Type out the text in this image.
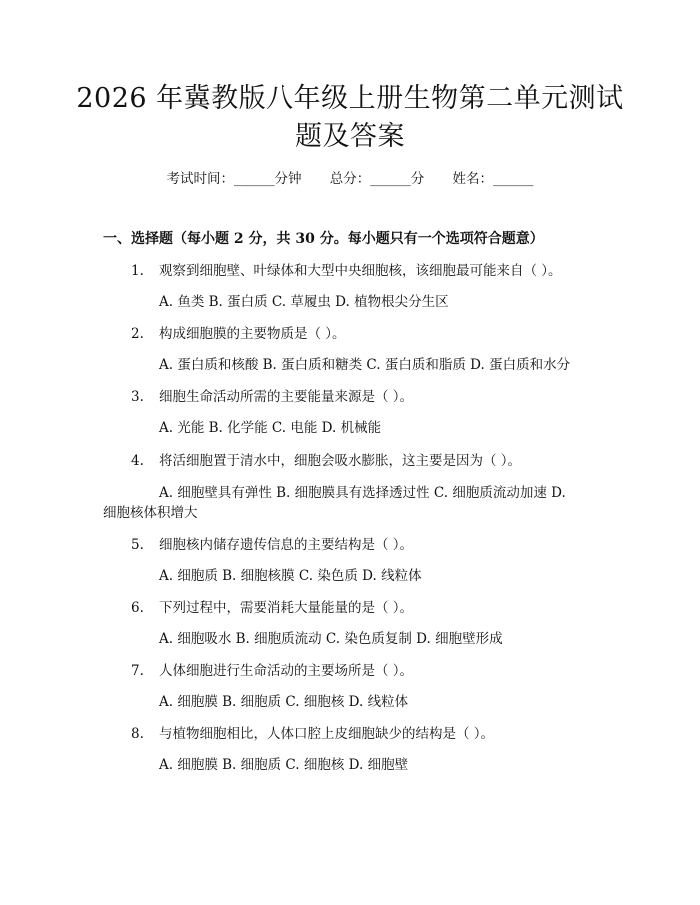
2026 年冀教版八年级上册生物第二单元测试
题及答案
考试时间：______分钟 总分：______分 姓名：______
一、选择题（每小题 2 分，共 30 分。每小题只有一个选项符合题意）
1.	观察到细胞壁、叶绿体和大型中央细胞核，该细胞最可能来自（ ）。
A. 鱼类 B. 蛋白质 C. 草履虫 D. 植物根尖分生区
2.	构成细胞膜的主要物质是（ ）。
A. 蛋白质和核酸 B. 蛋白质和糖类 C. 蛋白质和脂质 D. 蛋白质和水分
3.	细胞生命活动所需的主要能量来源是（ ）。
A. 光能 B. 化学能 C. 电能 D. 机械能
4.	将活细胞置于清水中，细胞会吸水膨胀，这主要是因为（ ）。
A. 细胞壁具有弹性 B. 细胞膜具有选择透过性 C. 细胞质流动加速 D.
细胞核体积增大
5.	细胞核内储存遗传信息的主要结构是（ ）。
A. 细胞质 B. 细胞核膜 C. 染色质 D. 线粒体
6.	下列过程中，需要消耗大量能量的是（ ）。
A. 细胞吸水 B. 细胞质流动 C. 染色质复制 D. 细胞壁形成
7.	人体细胞进行生命活动的主要场所是（ ）。
A. 细胞膜 B. 细胞质 C. 细胞核 D. 线粒体
8.	与植物细胞相比，人体口腔上皮细胞缺少的结构是（ ）。
A. 细胞膜 B. 细胞质 C. 细胞核 D. 细胞壁
